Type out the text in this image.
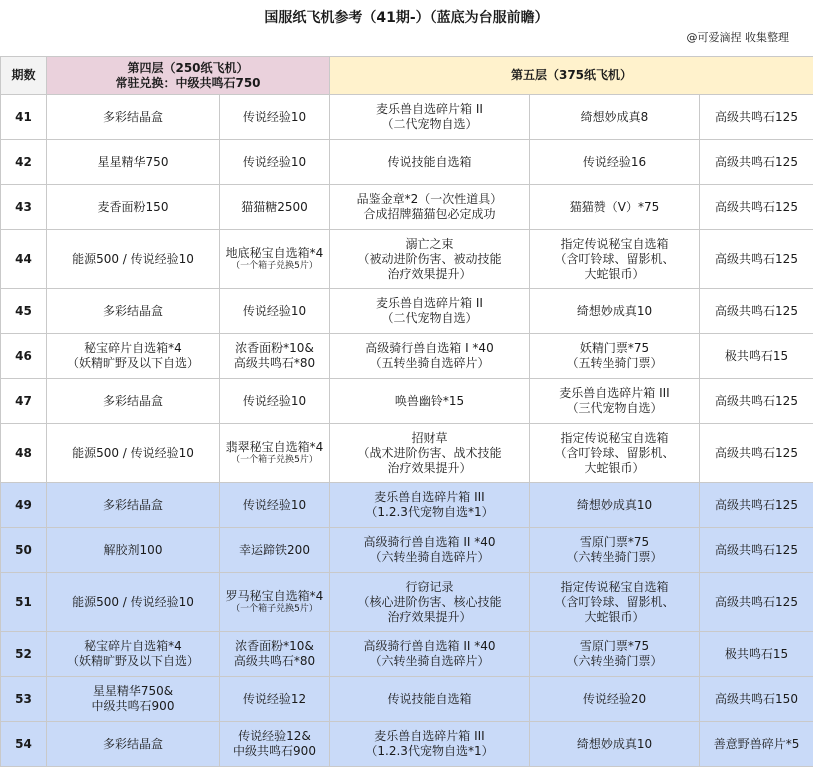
国服纸飞机参考（41期-）（蓝底为台服前瞻）
@可爱滴捏 收集整理
期数	第四层（250纸飞机）
常驻兑换：中级共鸣石750		第五层（375纸飞机）		
41	多彩结晶盒	传说经验10	麦乐兽自选碎片箱 II
（二代宠物自选）	绮想妙成真8	高级共鸣石125

42	星星精华750	传说经验10	传说技能自选箱	传说经验16	高级共鸣石125

43	麦香面粉150	猫猫糖2500	品鉴金章*2（一次性道具）
合成招牌猫猫包必定成功	猫猫赞（V）*75	高级共鸣石125

44	能源500 / 传说经验10	地底秘宝自选箱*4
（一个箱子兑换5片）	溺亡之束
（被动进阶伤害、被动技能
治疗效果提升）	指定传说秘宝自选箱
（含叮铃球、留影机、
大蛇银币）	高级共鸣石125

45	多彩结晶盒	传说经验10	麦乐兽自选碎片箱 II
（二代宠物自选）	绮想妙成真10	高级共鸣石125

46	秘宝碎片自选箱*4
（妖精旷野及以下自选）	浓香面粉*10&
高级共鸣石*80	高级骑行兽自选箱 I *40
（五转坐骑自选碎片）	妖精门票*75
（五转坐骑门票）	极共鸣石15

47	多彩结晶盒	传说经验10	唤兽幽铃*15	麦乐兽自选碎片箱 III
（三代宠物自选）	高级共鸣石125

48	能源500 / 传说经验10	翡翠秘宝自选箱*4
（一个箱子兑换5片）	招财草
（战术进阶伤害、战术技能
治疗效果提升）	指定传说秘宝自选箱
（含叮铃球、留影机、
大蛇银币）	高级共鸣石125

49	多彩结晶盒	传说经验10	麦乐兽自选碎片箱 III
（1.2.3代宠物自选*1）	绮想妙成真10	高级共鸣石125

50	解胶剂100	幸运蹄铁200	高级骑行兽自选箱 II *40
（六转坐骑自选碎片）	雪原门票*75
（六转坐骑门票）	高级共鸣石125

51	能源500 / 传说经验10	罗马秘宝自选箱*4
（一个箱子兑换5片）	行窃记录
（核心进阶伤害、核心技能
治疗效果提升）	指定传说秘宝自选箱
（含叮铃球、留影机、
大蛇银币）	高级共鸣石125

52	秘宝碎片自选箱*4
（妖精旷野及以下自选）	浓香面粉*10&
高级共鸣石*80	高级骑行兽自选箱 II *40
（六转坐骑自选碎片）	雪原门票*75
（六转坐骑门票）	极共鸣石15

53	星星精华750&
中级共鸣石900	传说经验12	传说技能自选箱	传说经验20	高级共鸣石150

54	多彩结晶盒	传说经验12&
中级共鸣石900	麦乐兽自选碎片箱 III
（1.2.3代宠物自选*1）	绮想妙成真10	善意野兽碎片*5
